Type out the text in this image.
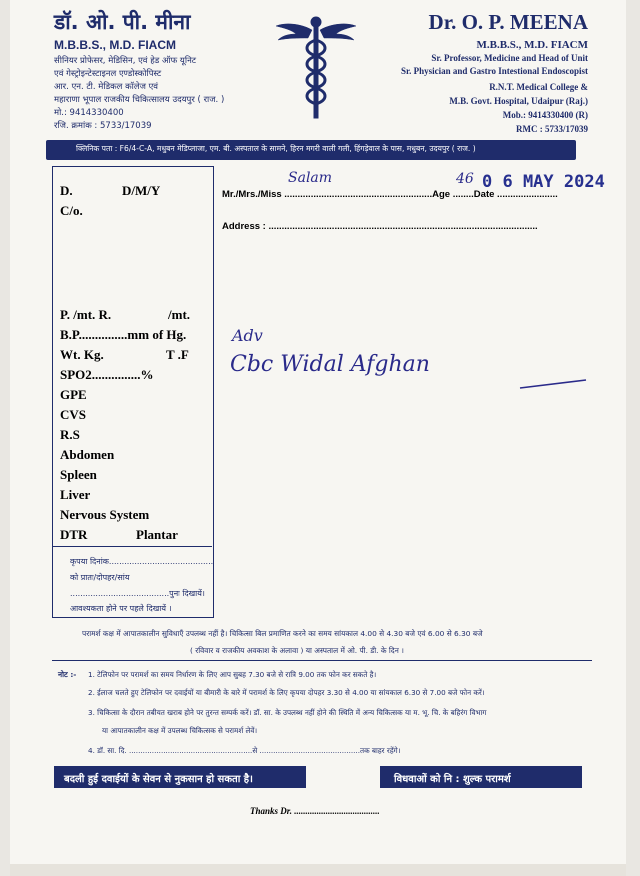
डॉ. ओ. पी. मीना
M.B.B.S., M.D. FIACM
सीनियर प्रोफेसर, मेडिसिन, एवं हेड ऑफ यूनिट
एवं गेस्ट्रोइन्टेस्टाइनल एण्डोस्कोपिस्ट
आर. एन. टी. मेडिकल कॉलेज एवं
महाराणा भूपाल राजकीय चिकित्सालय उदयपुर ( राज. )
मो.: 9414330400
रजि. क्रमांक : 5733/17039
Dr. O. P. MEENA
M.B.B.S., M.D. FIACM
Sr. Professor, Medicine and Head of Unit
Sr. Physician and Gastro Intestional Endoscopist
R.N.T. Medical College &
M.B. Govt. Hospital, Udaipur (Raj.)
Mob.: 9414330400 (R)
RMC : 5733/17039
क्लिनिक पता : F6/4-C-A, मधुबन मेडिप्लाजा, एम. बी. अस्पताल के सामने, हिरन मगरी वाली गली, हिंगड़ेवाल के पास, मधुबन, उदयपुर ( राज. )
Mr./Mrs./Miss ........................................................Age ........Date .......................
Address : ......................................................................................................
Salam	46 0 6 MAY 2024
D.	D/M/Y
C/o.
P. /mt. R.	/mt.
B.P...............mm of Hg.
Wt. Kg.	T .F
SPO2...............%
GPE
CVS
R.S
Abdomen
Spleen
Liver
Nervous System
DTR	Plantar
कृपया दिनांक.........................................
को प्रातः/दोपहर/सांय
.......................................पुनः दिखायें।
आवश्यकता होने पर पहले दिखायें ।
Adv
Cbc Widal Afghan
परामर्श कक्ष में आपातकालीन सुविधाएँ उपलब्ध नहीं है। चिकित्सा बिल प्रमाणित करने का समय सांयकाल 4.00 से 4.30 बजे एवं 6.00 से 6.30 बजे
( रविवार व राजकीय अवकाश के अलावा ) या अस्पताल में ओ. पी. डी. के दिन ।
नोट :- 1. टेलिफोन पर परामर्श का समय निर्धारण के लिए आप सुबह 7.30 बजे से रात्रि 9.00 तक फोन कर सकते है।
2. ईलाज चलते हुए टेलिफोन पर दवाईयों या बीमारी के बारे में परामर्श के लिए कृपया दोपहर 3.30 से 4.00 या सांयकाल 6.30 से 7.00 बजे फोन करें।
3. चिकित्सा के दौरान तबीयत खराब होने पर तुरन्त सम्पर्क करें। डॉ. सा. के उपलब्ध नहीं होने की स्थिति में अन्य चिकित्सक या म. भू. चि. के बहिरंग विभाग
या आपातकालीन कक्ष में उपलब्ध चिकित्सक से परामर्श लेवें।
4. डॉ. सा. दि. ......................................................से ............................................तक बाहर रहेंगे।
बदली हुई दवाईयों के सेवन से नुकसान हो सकता है।	विधवाओं को नि : शुल्क परामर्श
Thanks Dr. ......................................
